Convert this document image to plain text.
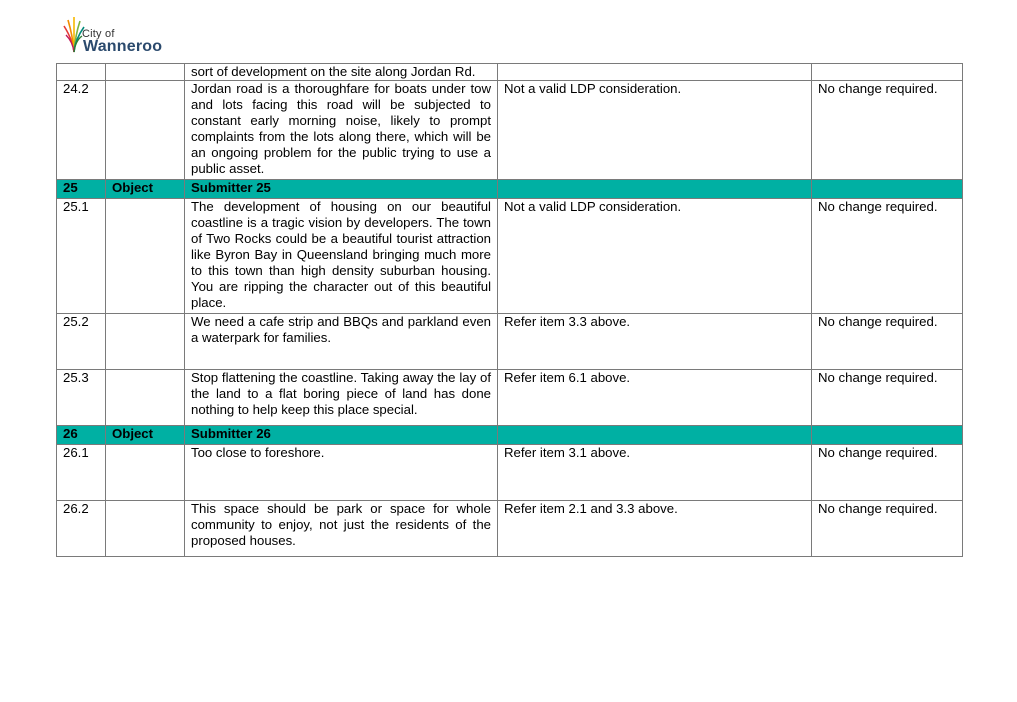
City of
Wanneroo
		sort of development on the site along Jordan Rd.		
24.2		Jordan road is a thoroughfare for boats under tow and lots facing this road will be subjected to constant early morning noise, likely to prompt complaints from the lots along there, which will be an ongoing problem for the public trying to use a public asset.	Not a valid LDP consideration.	No change required.
25	Object	Submitter 25		
25.1		The development of housing on our beautiful coastline is a tragic vision by developers. The town of Two Rocks could be a beautiful tourist attraction like Byron Bay in Queensland bringing much more to this town than high density suburban housing. You are ripping the character out of this beautiful place.	Not a valid LDP consideration.	No change required.
25.2		We need a cafe strip and BBQs and parkland even a waterpark for families.	Refer item 3.3 above.	No change required.
25.3		Stop flattening the coastline. Taking away the lay of the land to a flat boring piece of land has done nothing to help keep this place special.	Refer item 6.1 above.	No change required.
26	Object	Submitter 26		
26.1		Too close to foreshore.	Refer item 3.1 above.	No change required.
26.2		This space should be park or space for whole community to enjoy, not just the residents of the proposed houses.	Refer item 2.1 and 3.3 above.	No change required.
